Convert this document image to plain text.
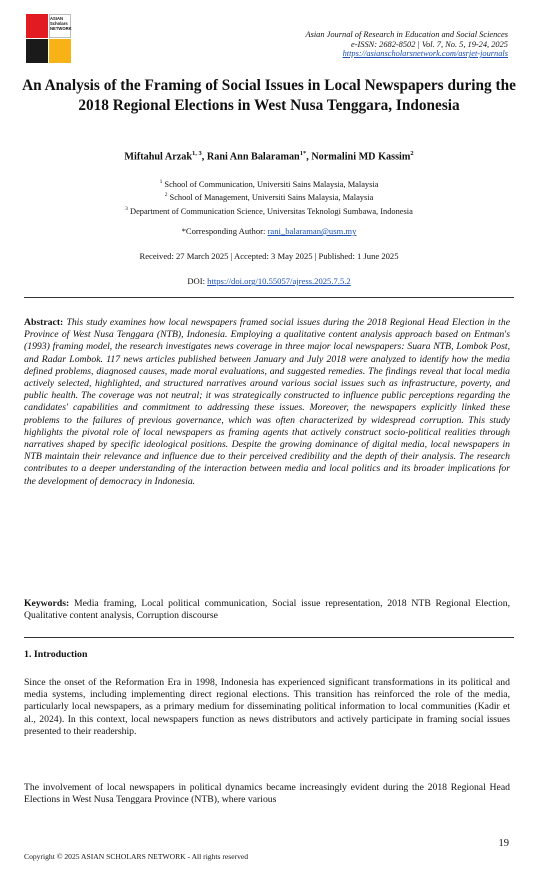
ASIAN
Scholars
NETWORK
Asian Journal of Research in Education and Social Sciences
e-ISSN: 2682-8502 | Vol. 7, No. 5, 19-24, 2025
https://asianscholarsnetwork.com/asrjet-journals
An Analysis of the Framing of Social Issues in Local Newspapers during the 2018 Regional Elections in West Nusa Tenggara, Indonesia
Miftahul Arzak$^{1, 3}$, Rani Ann Balaraman$^{1*}$, Normalini MD Kassim$^2$
$^1$ School of Communication, Universiti Sains Malaysia, Malaysia
$^2$ School of Management, Universiti Sains Malaysia, Malaysia
$^3$ Department of Communication Science, Universitas Teknologi Sumbawa, Indonesia
*Corresponding Author: rani_balaraman@usm.my
Received: 27 March 2025 | Accepted: 3 May 2025 | Published: 1 June 2025
DOI: https://doi.org/10.55057/ajress.2025.7.5.2
Abstract: This study examines how local newspapers framed social issues during the 2018 Regional Head Election in the Province of West Nusa Tenggara (NTB), Indonesia. Employing a qualitative content analysis approach based on Entman's (1993) framing model, the research investigates news coverage in three major local newspapers: Suara NTB, Lombok Post, and Radar Lombok. 117 news articles published between January and July 2018 were analyzed to identify how the media defined problems, diagnosed causes, made moral evaluations, and suggested remedies. The findings reveal that local media actively selected, highlighted, and structured narratives around various social issues such as infrastructure, poverty, and public health. The coverage was not neutral; it was strategically constructed to influence public perceptions regarding the candidates' capabilities and commitment to addressing these issues. Moreover, the newspapers explicitly linked these problems to the failures of previous governance, which was often characterized by widespread corruption. This study highlights the pivotal role of local newspapers as framing agents that actively construct socio-political realities through narratives shaped by specific ideological positions. Despite the growing dominance of digital media, local newspapers in NTB maintain their relevance and influence due to their perceived credibility and the depth of their analysis. The research contributes to a deeper understanding of the interaction between media and local politics and its broader implications for the development of democracy in Indonesia.
Keywords: Media framing, Local political communication, Social issue representation, 2018 NTB Regional Election, Qualitative content analysis, Corruption discourse
1. Introduction
Since the onset of the Reformation Era in 1998, Indonesia has experienced significant transformations in its political and media systems, including implementing direct regional elections. This transition has reinforced the role of the media, particularly local newspapers, as a primary medium for disseminating political information to local communities (Kadir et al., 2024). In this context, local newspapers function as news distributors and actively participate in framing social issues presented to their readership.
The involvement of local newspapers in political dynamics became increasingly evident during the 2018 Regional Head Elections in West Nusa Tenggara Province (NTB), where various
19
Copyright © 2025 ASIAN SCHOLARS NETWORK - All rights reserved
